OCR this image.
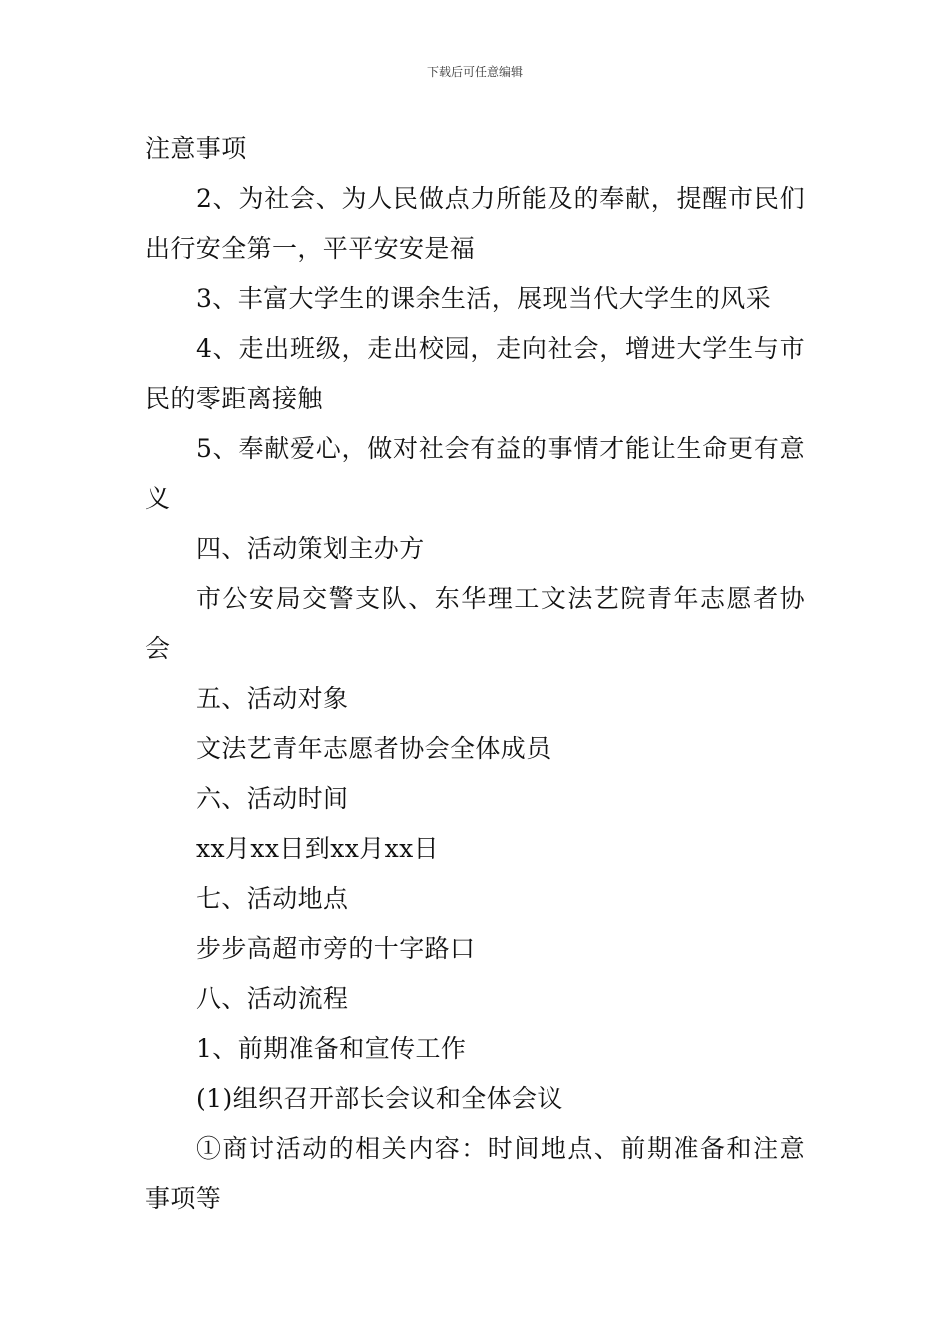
下载后可任意编辑

注意事项

2、为社会、为人民做点力所能及的奉献，提醒市民们出行安全第一，平平安安是福

3、丰富大学生的课余生活，展现当代大学生的风采

4、走出班级，走出校园，走向社会，增进大学生与市民的零距离接触

5、奉献爱心，做对社会有益的事情才能让生命更有意义

四、活动策划主办方

市公安局交警支队、东华理工文法艺院青年志愿者协会

五、活动对象

文法艺青年志愿者协会全体成员

六、活动时间

xx月xx日到xx月xx日

七、活动地点

步步高超市旁的十字路口

八、活动流程

1、前期准备和宣传工作

(1)组织召开部长会议和全体会议

①商讨活动的相关内容：时间地点、前期准备和注意事项等
